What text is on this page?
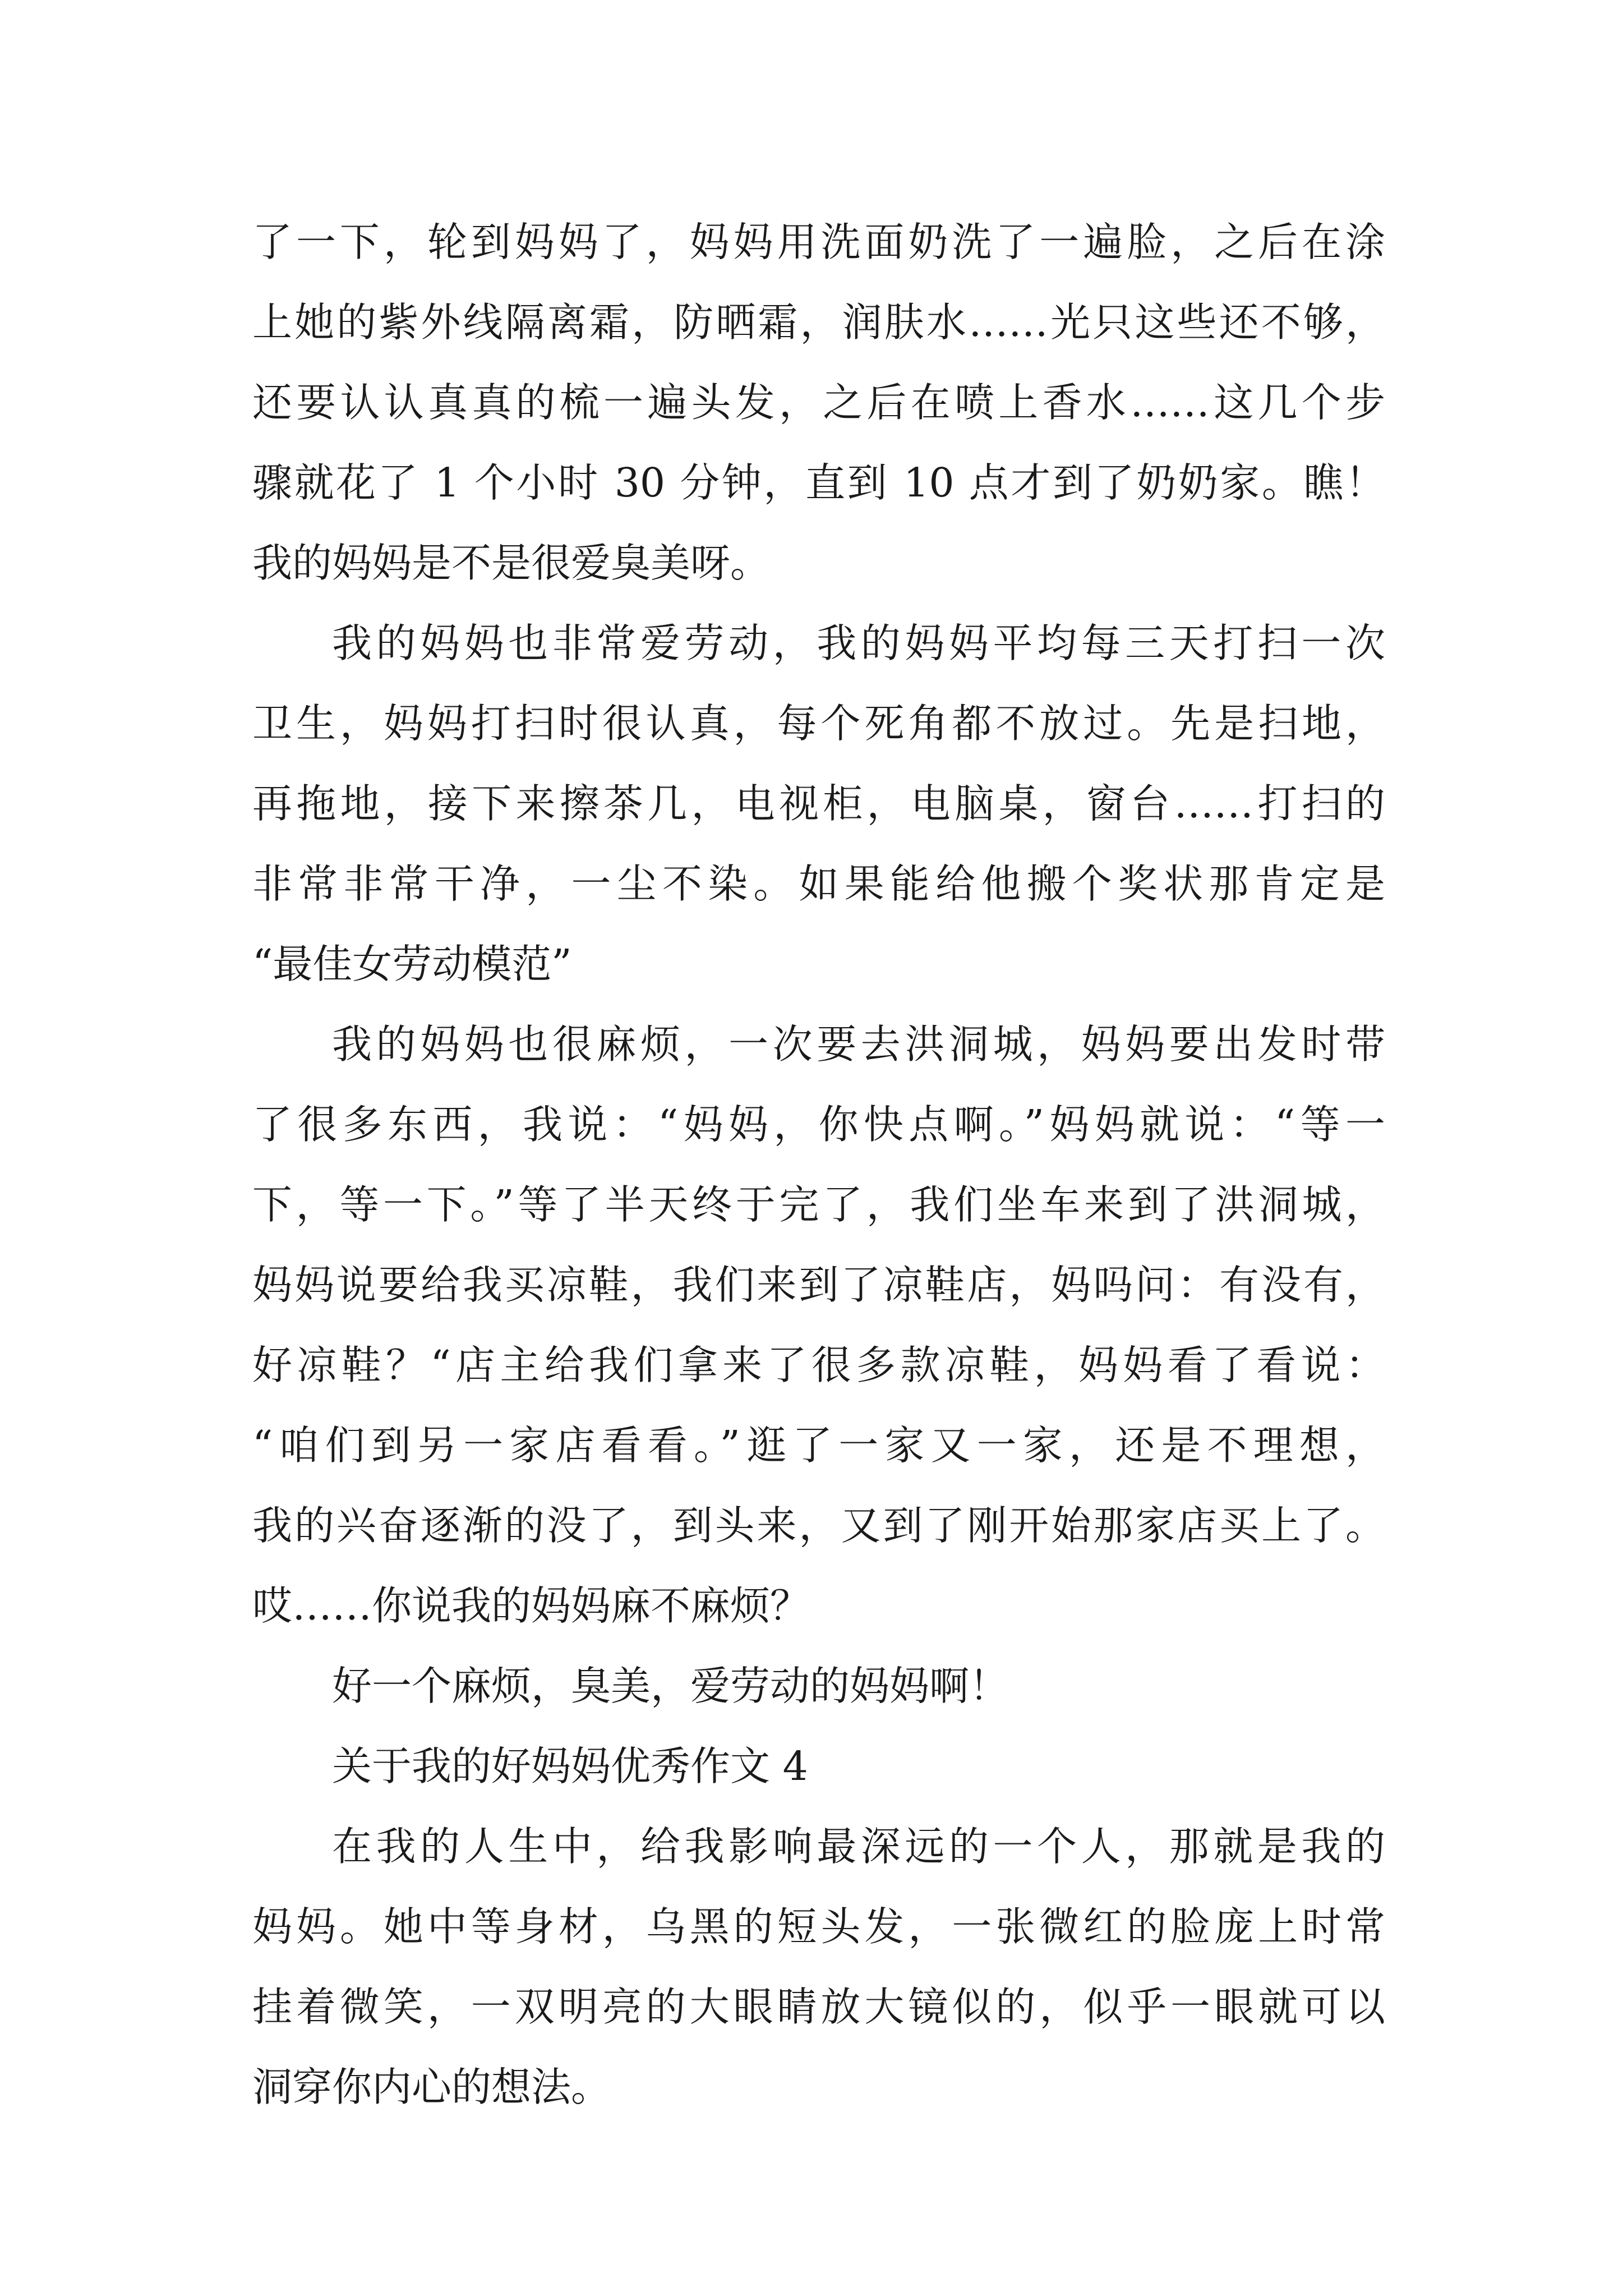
了一下，轮到妈妈了，妈妈用洗面奶洗了一遍脸，之后在涂
上她的紫外线隔离霜，防晒霜，润肤水……光只这些还不够，
还要认认真真的梳一遍头发，之后在喷上香水……这几个步
骤就花了 1 个小时 30 分钟，直到 10 点才到了奶奶家。瞧！
我的妈妈是不是很爱臭美呀。
我的妈妈也非常爱劳动，我的妈妈平均每三天打扫一次
卫生，妈妈打扫时很认真，每个死角都不放过。先是扫地，
再拖地，接下来擦茶几，电视柜，电脑桌，窗台……打扫的
非常非常干净，一尘不染。如果能给他搬个奖状那肯定是
“最佳女劳动模范”
我的妈妈也很麻烦，一次要去洪洞城，妈妈要出发时带
了很多东西，我说：“妈妈，你快点啊。”妈妈就说：“等一
下，等一下。”等了半天终于完了，我们坐车来到了洪洞城，
妈妈说要给我买凉鞋，我们来到了凉鞋店，妈吗问：有没有，
好凉鞋？“店主给我们拿来了很多款凉鞋，妈妈看了看说：
“咱们到另一家店看看。”逛了一家又一家，还是不理想，
我的兴奋逐渐的没了，到头来，又到了刚开始那家店买上了。
哎……你说我的妈妈麻不麻烦？
好一个麻烦，臭美，爱劳动的妈妈啊！
关于我的好妈妈优秀作文 4
在我的人生中，给我影响最深远的一个人，那就是我的
妈妈。她中等身材，乌黑的短头发，一张微红的脸庞上时常
挂着微笑，一双明亮的大眼睛放大镜似的，似乎一眼就可以
洞穿你内心的想法。
